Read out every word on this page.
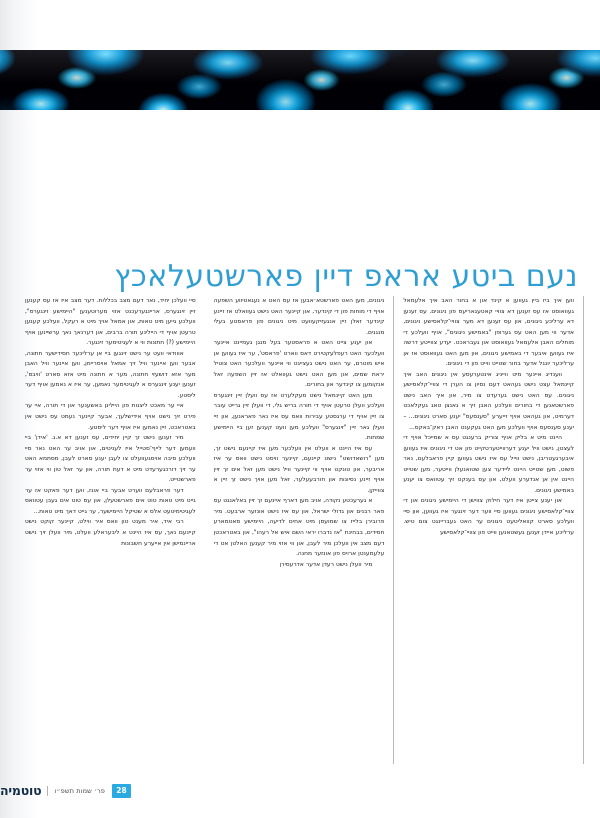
נעם ביטע אראפ דיין פארשטעלאכץ

ווען איך ביז ביין געווען א קינד און א בחור האב איך אלעמאל געוואוסט אז עס זענען דא צוויי קאטעגאריעס פון ניגונים. עס זענען דא ערליכע ניגונים, און עס זענען דא מער צוויי־קלאסישע ניגונים, אדער ווי מען האט עס גערופן "באמישע ניגונים", אויף וועלכע די מוחלים האבן אלעמאל געוואוסט און געבראכט. יעדע צווייטע דרשה איז געווען איבער די באמישע ניגונים, און מען האט געוואוסט אז אן ערליכער יונגל אדער בחור שטייט ווייט פון די ניגונים.

ווענדיג איינער מיט ווייניג אינטערעסע אין ניגונים האב איך קיינמאל עצט נישט געהאט דעם נסיון צו הערן די צוויי־קלאסישע ניגונים. עס האט נישט גערעדט צו מיר, און איך האב נישט פארשטאנען די בחורים וועלכע האבן זיך א גאנצן טאג געקלאכט דערמיט, און געהאט אויף זייערע "סענסעס" יענע סארט ניגונים... – יענע סענסעס אויף וועלכע מען האט געקענט האבן ראק־באקס...

היינט מיט א בליק אויף צוריק ברענגט עס א שמייכל אויף די לעצטן, נישט וויל יענע דערווייטערטקייט פון אט די ניגונים איז געווען איבערגעטריבן, נישט ווייל עס איז נישט געווען קיין פראבלעם, נאר פשוט, מען שטייט היינט ליידער צען שטואנעלן ווייטער, מען שטייט היינט אין אן אנדערע וועלט, און עס בענקט זיך עטוואס צו יענע באמישע ניגונים.

און יענע צייטן איז דער חילוק צווישן די היימישע ניגונים און די צוויי־קלאסישע ניגונים געווען סיי ווער דער זינגער איז געווען, און סיי וועלכע סארט קוואליטעט ניגונים ער האט געבריינגט צום טיש. ערליכע איידן זענען געשטאנען ווייט פון צוויי־קלאסישע

ניגונים, מען האט פארשטא׳אבען אז עס האט א נעגאטיווע השפעה אויף די מוחות פון די קינדער, און קיינער האט נישט געוואלט אז זיינע קינדער זאלן זיין אנגעזיקעוועט מיט ניגונים פון פראסטע בעלי מנגנים.

און יענע צייט האט א פראסטער בעל מנגן געמיינט איינער וועלכער האט רעפלעקטירט דאס ווארט 'פראסט', ער איז געווען אן איש מוטרם, ער האט נישט געצייגט ווי איינער וועלכער האט צוטיל יראת שמים, און מען האט נישט געוואלט אז זיין השפעה זאל אנקומען צו קינדער און בחורים.

מען האט קיינמאל נישט מעקלערט אז עס וועלן זיין זינגערס וועלכע וועלן טרעטן אויף די תורה בריש גלי, די וועלן זיין גרייט עובר צו זיין אויף די ערגסטע עבירות וואס עס איז נאר פאראנען, און זיי וועלן גאר זיין "זינגערס" וועלכע מען וועט קענען זען ביי היימישע שמחות.

עס איז היינט א וועלט אין וועלכער מען איז קיינעם נישט זך, מען "רושאדושט" נישט קיינעם, קיינער וויסט נישט וואס ער איז אריבער, און טונקט אויף ווי קיינער וויל נישט מען זאל אים זך זיין אויף זיינע נסיונות און חורבעעלער, זאל מען אויך נישט זך זיין א צווייקן.

א גערעכטע נקודה, אויב מען דארף איינעם זך זיין באלאנגט עס פאר רבנים און גדולי ישראל, און עס איז נישט אונזער ארבעט. מיר פרובירן בלייז צו שמועסן מיט אחים לדיעה, היימישע סאטמארע חסידים, בבחינת "אז נדברו יראי השם איש אל רעהו", און באטראכטן דעם מצב אין וועלכן מיר לעבן, און ווי אזוי מיר קענען האלטן אט די עלעמענטן ארויס פון אונזער מחנה.

מיר וועלן נישט רעדן אדער אדרעסירן

סיי וועלכן יחיד, נאר דעם מצב בכללות. דער מצב איז אז עס קענען זיין זינגערס, אריינגערעכנט אזוי מערוטענען "היימישע זינגערס", וועלכע גייען מיט טאות, און אמאל אויך מיט א רעקל, וועלכע קענען טרעטן אויף די היילינע תורה ברבים, און דערנאך נאך ערשיינען אויף היימישע (?) חתונות ווי א לעגיטימער זינגער.

אווודאי וועט ער נישט זינגען ביי אן ערליכער חסידישער חתונה, אבער ווען איינער וויל זיך אמאל אויסריימן, ווען איינער וויל האבן מער אזא דושעזי חתונה, מער א חתונה מיט אזא סארט 'וויבס', זענען יענע זינגערס א לעגיטימער נאמען, ער איז א נאמען אויף דער ליסטע.

איי ער מאכט ליצנות פון היילינן באשענער און די תורה, איי ער פירט זיך נישט אויף אידישלעך, אבער קיינער נעמט עס נישט אין באטראכט, זיין נאמען איז אויף דער ליסטע.

מיר זענען נישט זך קיין יחידים, עס זענען דא א.ג. 'אידן' ביי וועמען דער לייף־סטייל איז לעניטים, און אויב ער האט נאר סיי וועלכע סיבה אויסגעוועלט צו לעבן יענע סארט לעבן, מסתמא האט ער זיך דורכגערעדט מיט א דעת תורה, און ער זאל טון ווי אזוי ער פארשטייט.

דער פראבלעם ווערט אבער ביי אונז, ווען דער פאקט אז ער גייט מיט טאות טוט אים פארשטעלן, און עס טוט אים געבן עטוואס לעגיטימיטעט אלס א שטיקל היימישער, ער גייט דאך מיט טאות...

רבי איד, איר מענט טון וואס איר ווילט, קיינער קוקט נישט קיינעם נאך, עס איז היינט א ליבעראלע וועלט, מיר וועלן זיך נישט אריינמישן אין אייערע חשבונות

טוטמיה פר׳ שמות תשפ״ו	28
